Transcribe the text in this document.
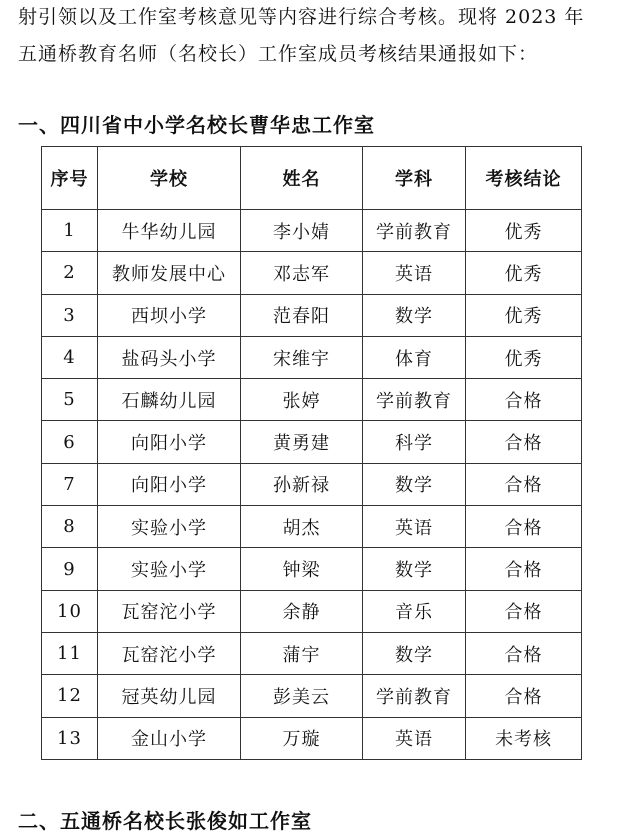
射引领以及工作室考核意见等内容进行综合考核。现将 2023 年
五通桥教育名师（名校长）工作室成员考核结果通报如下：
一、四川省中小学名校长曹华忠工作室
序号	学校	姓名	学科	考核结论
1	牛华幼儿园	李小婧	学前教育	优秀
2	教师发展中心	邓志军	英语	优秀
3	西坝小学	范春阳	数学	优秀
4	盐码头小学	宋维宇	体育	优秀
5	石麟幼儿园	张婷	学前教育	合格
6	向阳小学	黄勇建	科学	合格
7	向阳小学	孙新禄	数学	合格
8	实验小学	胡杰	英语	合格
9	实验小学	钟梁	数学	合格
10	瓦窑沱小学	余静	音乐	合格
11	瓦窑沱小学	蒲宇	数学	合格
12	冠英幼儿园	彭美云	学前教育	合格
13	金山小学	万璇	英语	未考核
二、五通桥名校长张俊如工作室
